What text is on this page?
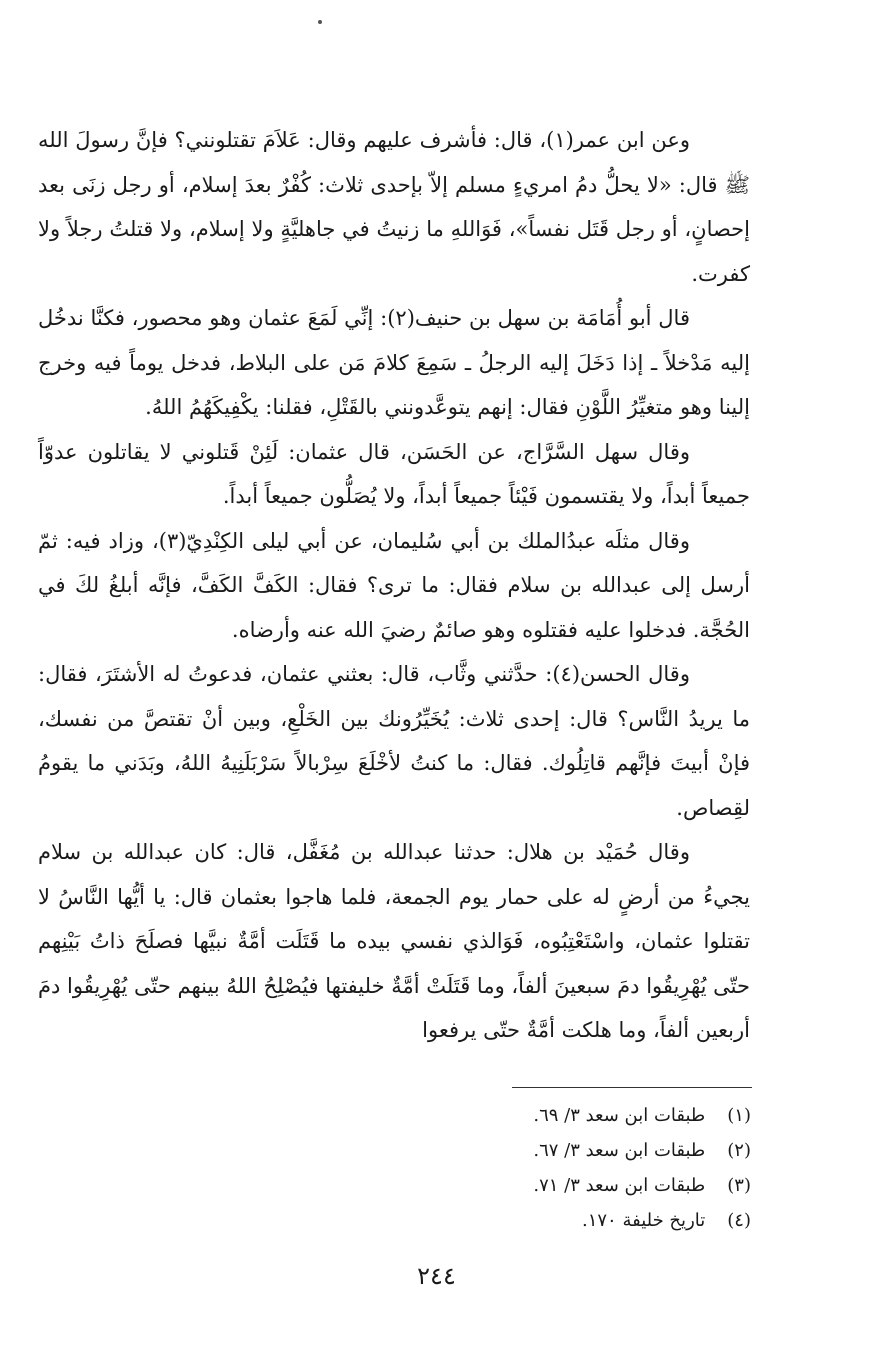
وعن ابن عمر(١)، قال: فأشرف عليهم وقال: عَلاَمَ تقتلونني؟ فإنَّ رسولَ الله ﷺ قال: «لا يحلُّ دمُ امريءٍ مسلم إلاّ بإحدى ثلاث: كُفْرٌ بعدَ إسلام، أو رجل زنَى بعد إحصانٍ، أو رجل قَتَل نفساً»، فَوَاللهِ ما زنيتُ في جاهليَّةٍ ولا إسلام، ولا قتلتُ رجلاً ولا كفرت.

قال أبو أُمَامَة بن سهل بن حنيف(٢): إنِّي لَمَعَ عثمان وهو محصور، فكنَّا ندخُل إليه مَدْخلاً ـ إذا دَخَلَ إليه الرجلُ ـ سَمِعَ كلامَ مَن على البلاط، فدخل يوماً فيه وخرج إلينا وهو متغيِّرُ اللَّوْنِ فقال: إنهم يتوعَّدونني بالقَتْلِ، فقلنا: يكْفِيكَهُمُ اللهُ.

وقال سهل السَّرَّاج، عن الحَسَن، قال عثمان: لَئِنْ قَتلوني لا يقاتلون عدوّاً جميعاً أبداً، ولا يقتسمون فَيْئاً جميعاً أبداً، ولا يُصَلُّون جميعاً أبداً.

وقال مثلَه عبدُالملك بن أبي سُليمان، عن أبي ليلى الكِنْدِيّ(٣)، وزاد فيه: ثمّ أرسل إلى عبدالله بن سلام فقال: ما ترى؟ فقال: الكَفَّ الكَفَّ، فإنَّه أبلغُ لكَ في الحُجَّة. فدخلوا عليه فقتلوه وهو صائمٌ رضيَ الله عنه وأرضاه.

وقال الحسن(٤): حدَّثني وثَّاب، قال: بعثني عثمان، فدعوتُ له الأشتَرَ، فقال: ما يريدُ النَّاس؟ قال: إحدى ثلاث: يُخَيِّرُونك بين الخَلْعِ، وبين أنْ تقتصَّ من نفسك، فإنْ أبيتَ فإنَّهم قاتِلُوك. فقال: ما كنتُ لأخْلَعَ سِرْبالاً سَرْبَلَنِيهُ اللهُ، وبَدَني ما يقومُ لقِصاص.

وقال حُمَيْد بن هلال: حدثنا عبدالله بن مُغَفَّل، قال: كان عبدالله بن سلام يجيءُ من أرضٍ له على حمار يوم الجمعة، فلما هاجوا بعثمان قال: يا أيُّها النَّاسُ لا تقتلوا عثمان، واسْتَعْتِبُوه، فَوَالذي نفسي بيده ما قَتَلَت أمَّةٌ نبيَّها فصلَحَ ذاتُ بَيْنِهم حتّى يُهْرِيقُوا دمَ سبعينَ ألفاً، وما قَتَلَتْ أمَّةٌ خليفتها فيُصْلِحُ اللهُ بينهم حتّى يُهْرِيقُوا دمَ أربعين ألفاً، وما هلكت أمَّةٌ حتّى يرفعوا

(١) طبقات ابن سعد ٣/ ٦٩.
(٢) طبقات ابن سعد ٣/ ٦٧.
(٣) طبقات ابن سعد ٣/ ٧١.
(٤) تاريخ خليفة ١٧٠.
٢٤٤
